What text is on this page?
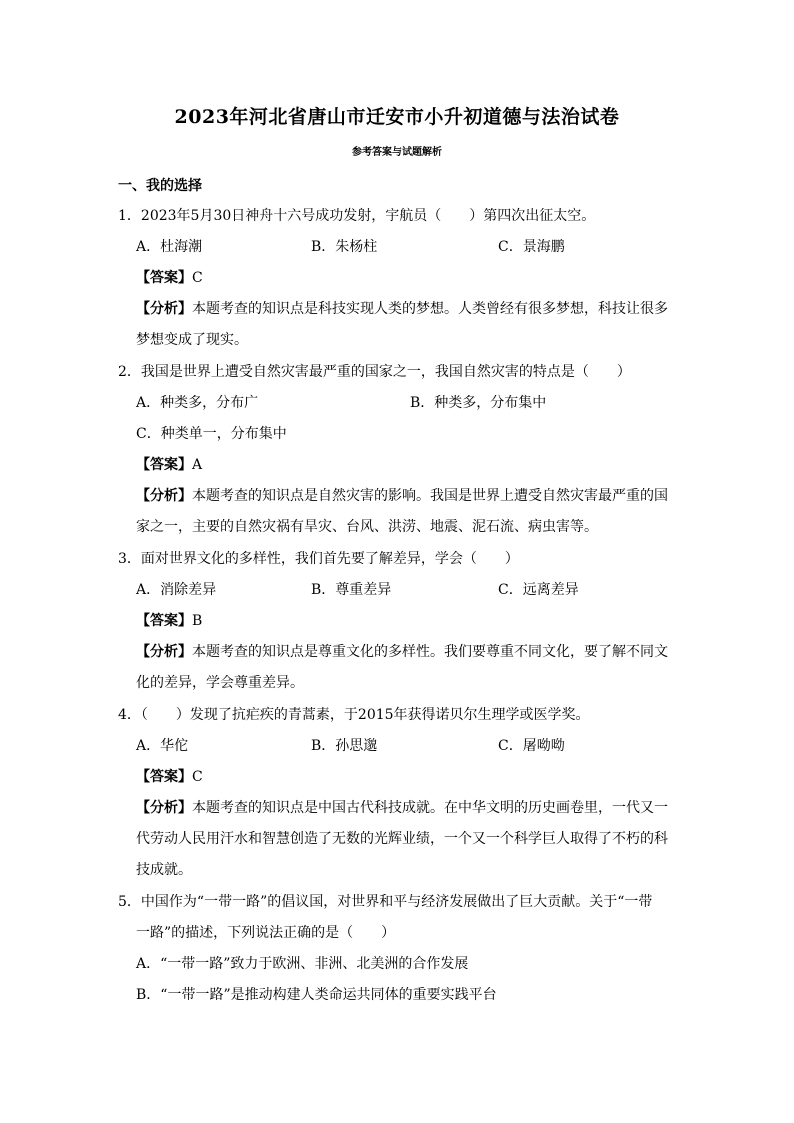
2023年河北省唐山市迁安市小升初道德与法治试卷
参考答案与试题解析
一、我的选择
1．2023年5月30日神舟十六号成功发射，宇航员（　　）第四次出征太空。
A．杜海潮	B．朱杨柱	C．景海鹏
【答案】C
【分析】本题考查的知识点是科技实现人类的梦想。人类曾经有很多梦想，科技让很多
梦想变成了现实。
2．我国是世界上遭受自然灾害最严重的国家之一，我国自然灾害的特点是（　　）
A．种类多，分布广	B．种类多，分布集中
C．种类单一，分布集中
【答案】A
【分析】本题考查的知识点是自然灾害的影响。我国是世界上遭受自然灾害最严重的国
家之一，主要的自然灾祸有旱灾、台风、洪涝、地震、泥石流、病虫害等。
3．面对世界文化的多样性，我们首先要了解差异，学会（　　）
A．消除差异	B．尊重差异	C．远离差异
【答案】B
【分析】本题考查的知识点是尊重文化的多样性。我们要尊重不同文化，要了解不同文
化的差异，学会尊重差异。
4．（　　）发现了抗疟疾的青蒿素，于2015年获得诺贝尔生理学或医学奖。
A．华佗	B．孙思邈	C．屠呦呦
【答案】C
【分析】本题考查的知识点是中国古代科技成就。在中华文明的历史画卷里，一代又一
代劳动人民用汗水和智慧创造了无数的光辉业绩，一个又一个科学巨人取得了不朽的科
技成就。
5．中国作为“一带一路”的倡议国，对世界和平与经济发展做出了巨大贡献。关于“一带
一路”的描述，下列说法正确的是（　　）
A．“一带一路”致力于欧洲、非洲、北美洲的合作发展
B．“一带一路”是推动构建人类命运共同体的重要实践平台
